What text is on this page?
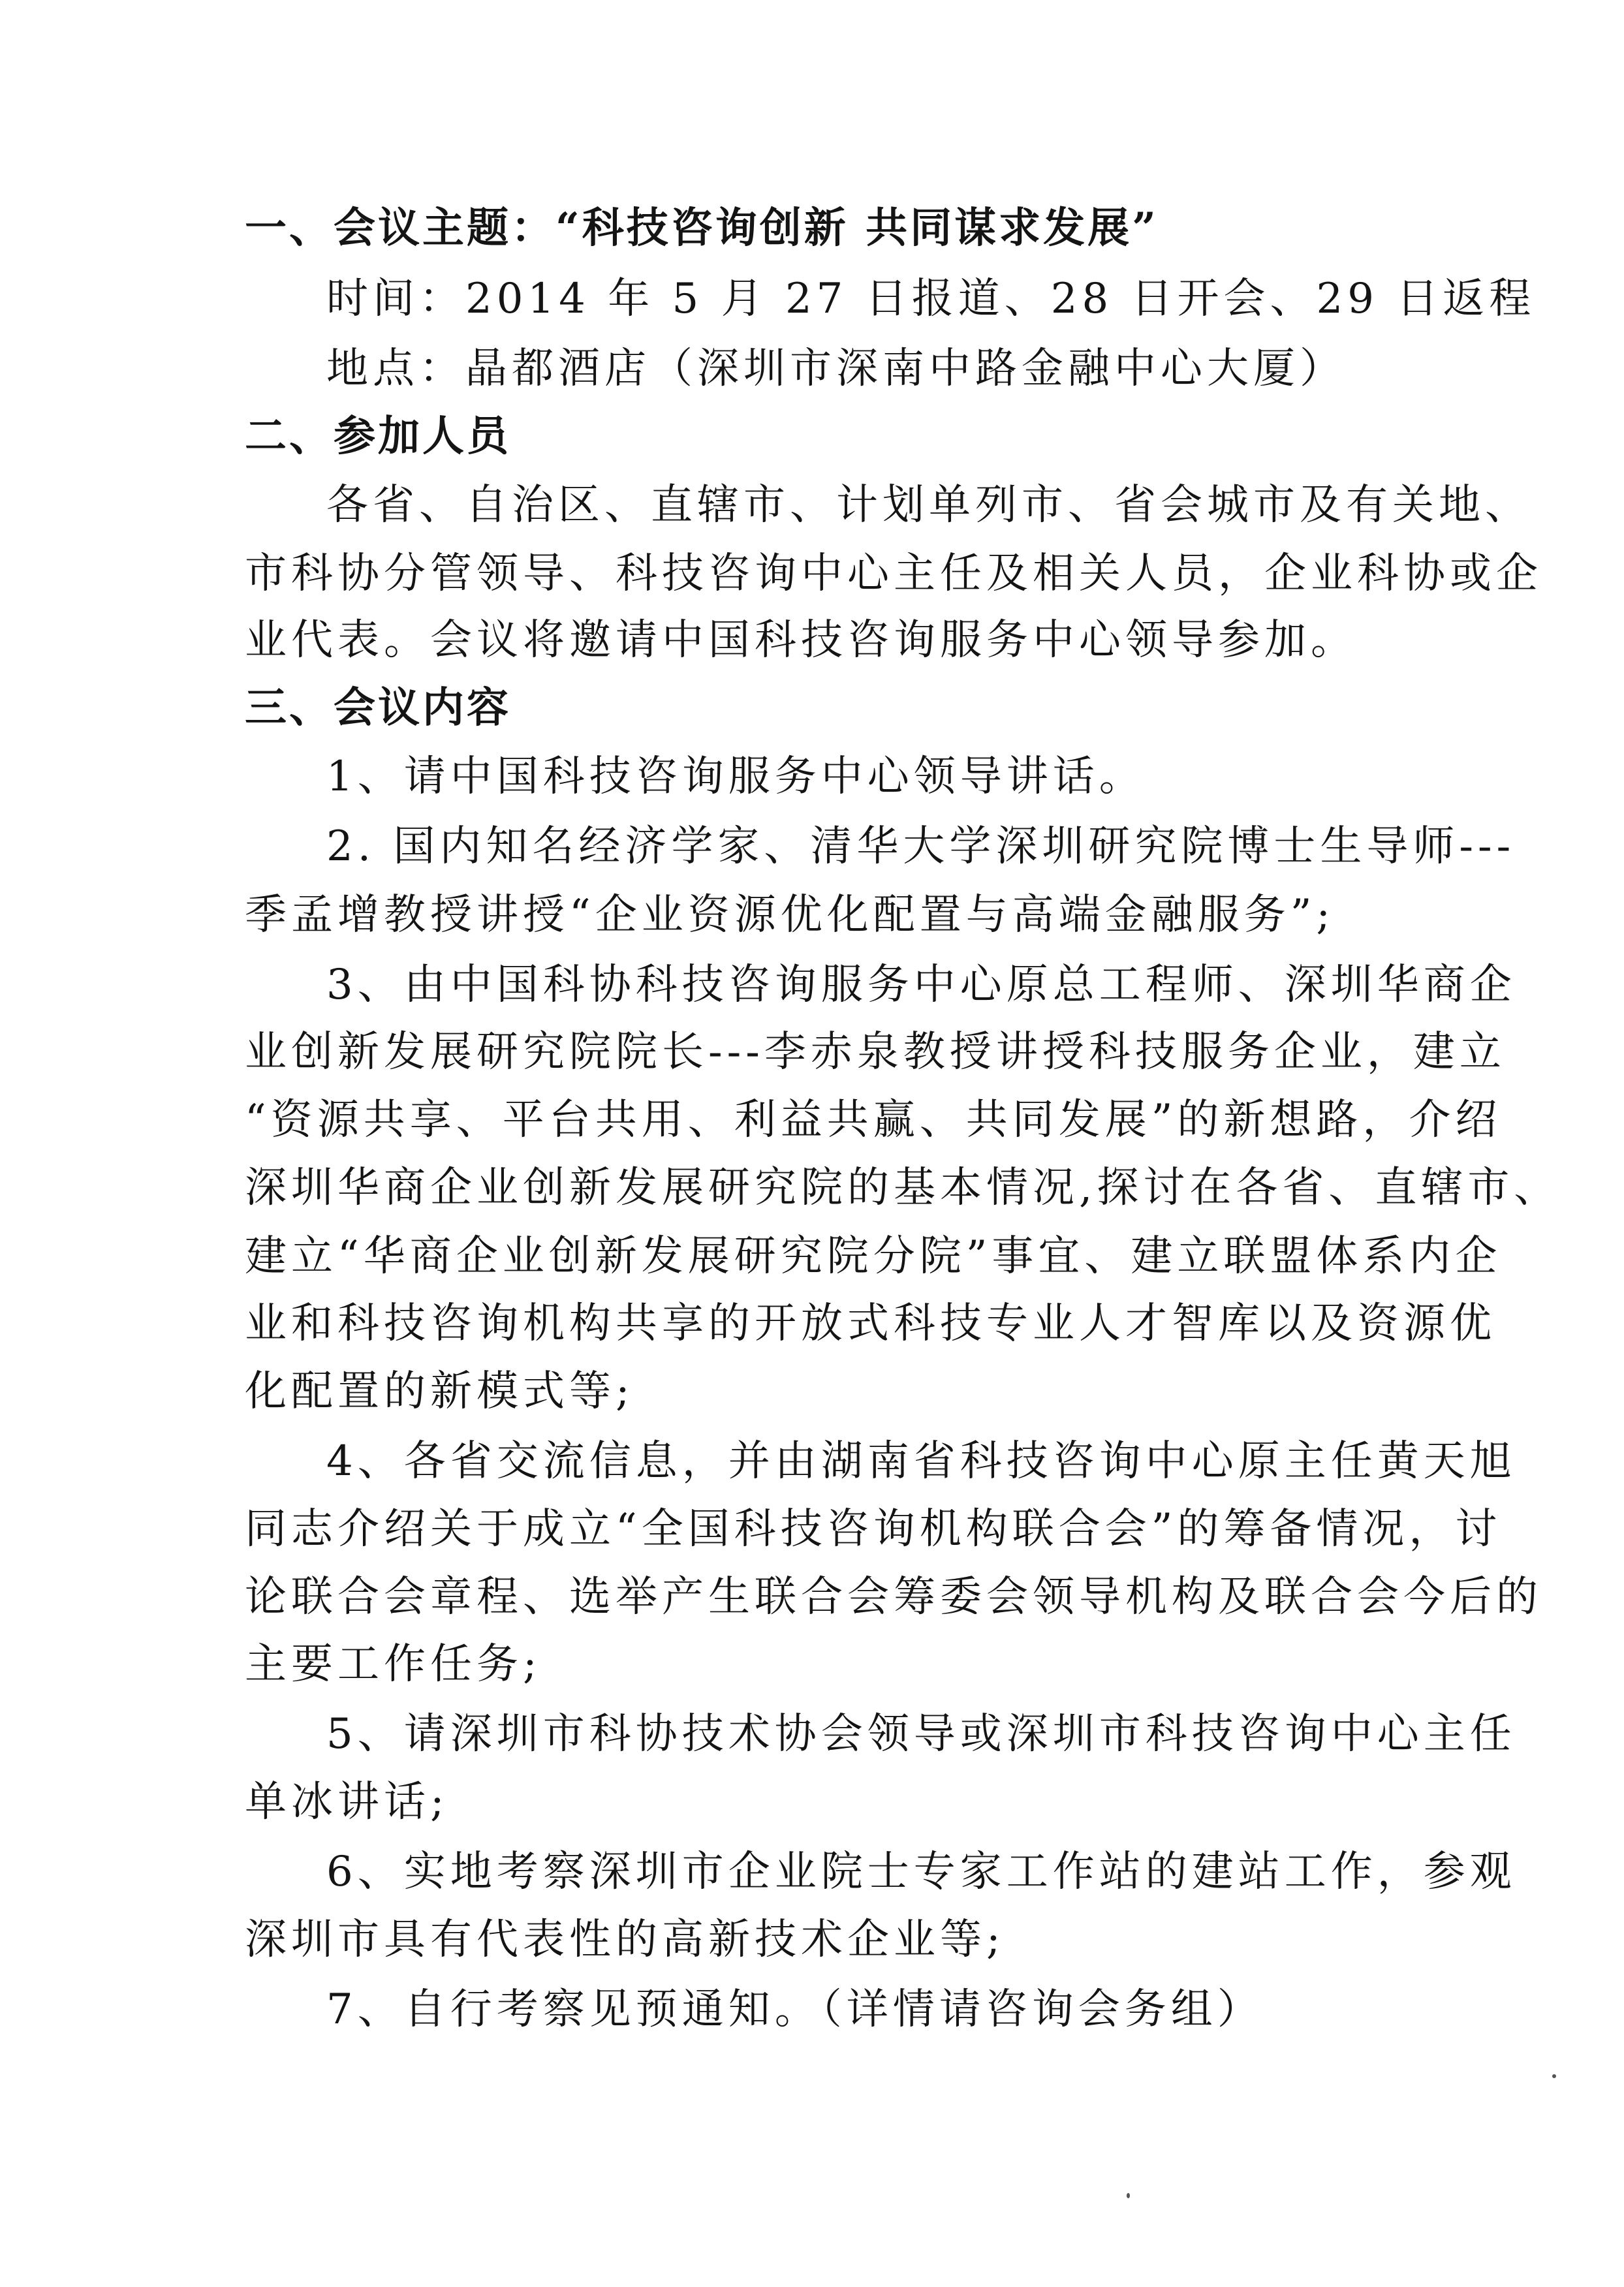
一、会议主题：“科技咨询创新 共同谋求发展”
时间：2014 年 5 月 27 日报道、28 日开会、29 日返程
地点：晶都酒店（深圳市深南中路金融中心大厦）
二、参加人员
各省、自治区、直辖市、计划单列市、省会城市及有关地、
市科协分管领导、科技咨询中心主任及相关人员，企业科协或企
业代表。会议将邀请中国科技咨询服务中心领导参加。
三、会议内容
1、请中国科技咨询服务中心领导讲话。
2. 国内知名经济学家、清华大学深圳研究院博士生导师---
季孟增教授讲授“企业资源优化配置与高端金融服务”;
3、由中国科协科技咨询服务中心原总工程师、深圳华商企
业创新发展研究院院长---李赤泉教授讲授科技服务企业，建立
“资源共享、平台共用、利益共赢、共同发展”的新想路，介绍
深圳华商企业创新发展研究院的基本情况,探讨在各省、直辖市、
建立“华商企业创新发展研究院分院”事宜、建立联盟体系内企
业和科技咨询机构共享的开放式科技专业人才智库以及资源优
化配置的新模式等;
4、各省交流信息，并由湖南省科技咨询中心原主任黄天旭
同志介绍关于成立“全国科技咨询机构联合会”的筹备情况，讨
论联合会章程、选举产生联合会筹委会领导机构及联合会今后的
主要工作任务;
5、请深圳市科协技术协会领导或深圳市科技咨询中心主任
单冰讲话;
6、实地考察深圳市企业院士专家工作站的建站工作，参观
深圳市具有代表性的高新技术企业等;
7、自行考察见预通知。（详情请咨询会务组）
